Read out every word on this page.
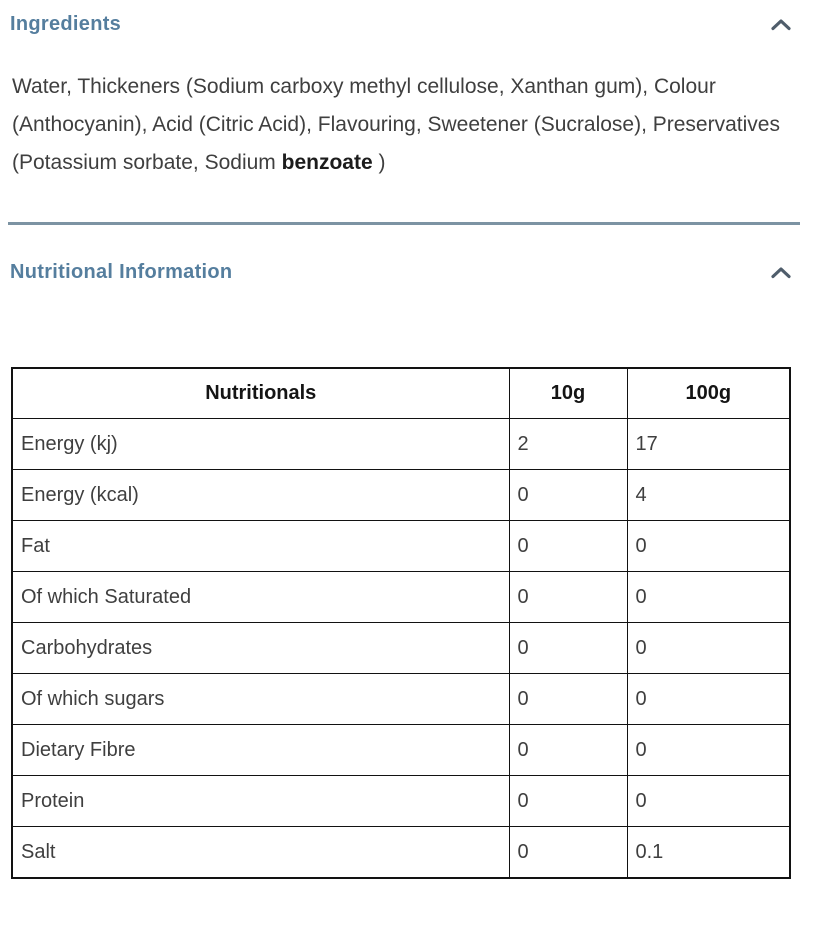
Ingredients

Water, Thickeners (Sodium carboxy methyl cellulose, Xanthan gum), Colour (Anthocyanin), Acid (Citric Acid), Flavouring, Sweetener (Sucralose), Preservatives (Potassium sorbate, Sodium benzoate )

Nutritional Information
Nutritionals	10g	100g
Energy (kj)	2	17
Energy (kcal)	0	4
Fat	0	0
Of which Saturated	0	0
Carbohydrates	0	0
Of which sugars	0	0
Dietary Fibre	0	0
Protein	0	0
Salt	0	0.1
